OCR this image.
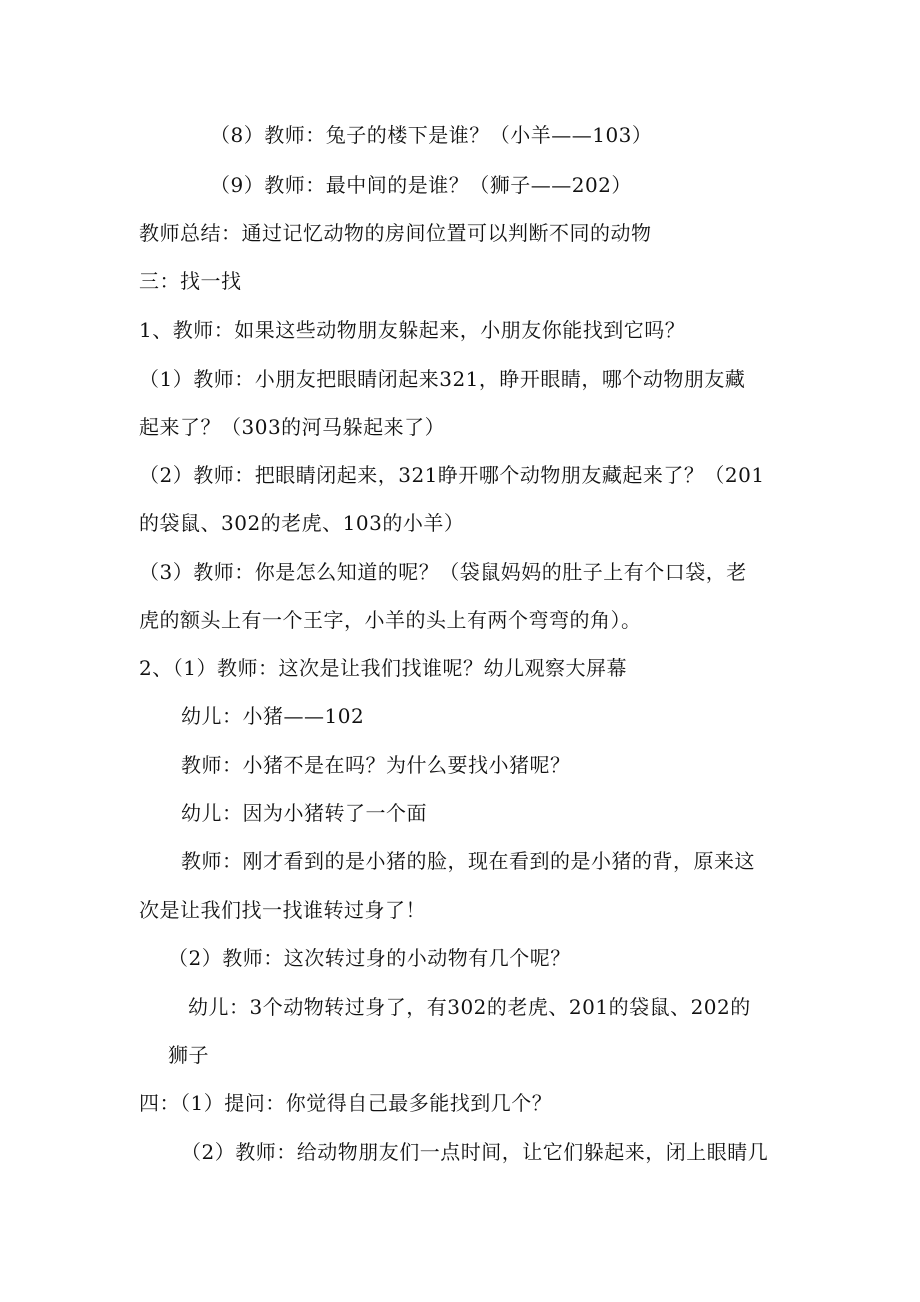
（8）教师：兔子的楼下是谁？（小羊——103）
（9）教师：最中间的是谁？（狮子——202）
教师总结：通过记忆动物的房间位置可以判断不同的动物
三：找一找
1、教师：如果这些动物朋友躲起来，小朋友你能找到它吗？
（1）教师：小朋友把眼睛闭起来321，睁开眼睛，哪个动物朋友藏
起来了？（303的河马躲起来了）
（2）教师：把眼睛闭起来，321睁开哪个动物朋友藏起来了？（201
的袋鼠、302的老虎、103的小羊）
（3）教师：你是怎么知道的呢？（袋鼠妈妈的肚子上有个口袋，老
虎的额头上有一个王字，小羊的头上有两个弯弯的角）。
2、（1）教师：这次是让我们找谁呢？幼儿观察大屏幕
幼儿：小猪——102
教师：小猪不是在吗？为什么要找小猪呢？
幼儿：因为小猪转了一个面
教师：刚才看到的是小猪的脸，现在看到的是小猪的背，原来这
次是让我们找一找谁转过身了！
（2）教师：这次转过身的小动物有几个呢？
幼儿：3个动物转过身了，有302的老虎、201的袋鼠、202的
狮子
四：（1）提问：你觉得自己最多能找到几个？
（2）教师：给动物朋友们一点时间，让它们躲起来，闭上眼睛几
